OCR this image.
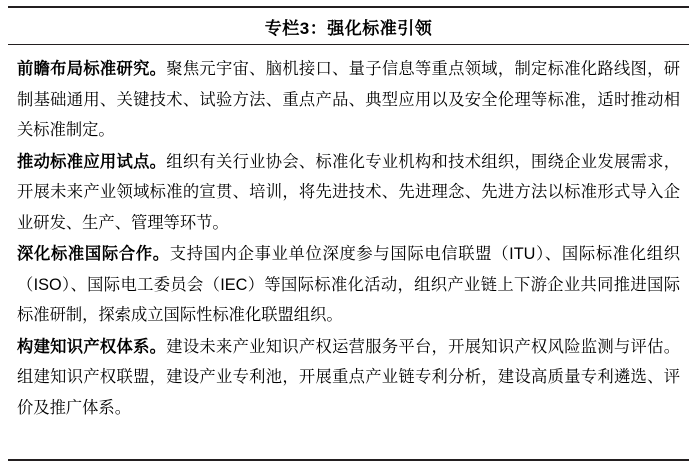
专栏3：强化标准引领

前瞻布局标准研究。聚焦元宇宙、脑机接口、量子信息等重点领域，制定标准化路线图，研制基础通用、关键技术、试验方法、重点产品、典型应用以及安全伦理等标准，适时推动相关标准制定。

推动标准应用试点。组织有关行业协会、标准化专业机构和技术组织，围绕企业发展需求，开展未来产业领域标准的宣贯、培训，将先进技术、先进理念、先进方法以标准形式导入企业研发、生产、管理等环节。

深化标准国际合作。支持国内企事业单位深度参与国际电信联盟（ITU）、国际标准化组织（ISO）、国际电工委员会（IEC）等国际标准化活动，组织产业链上下游企业共同推进国际标准研制，探索成立国际性标准化联盟组织。

构建知识产权体系。建设未来产业知识产权运营服务平台，开展知识产权风险监测与评估。组建知识产权联盟，建设产业专利池，开展重点产业链专利分析，建设高质量专利遴选、评价及推广体系。
